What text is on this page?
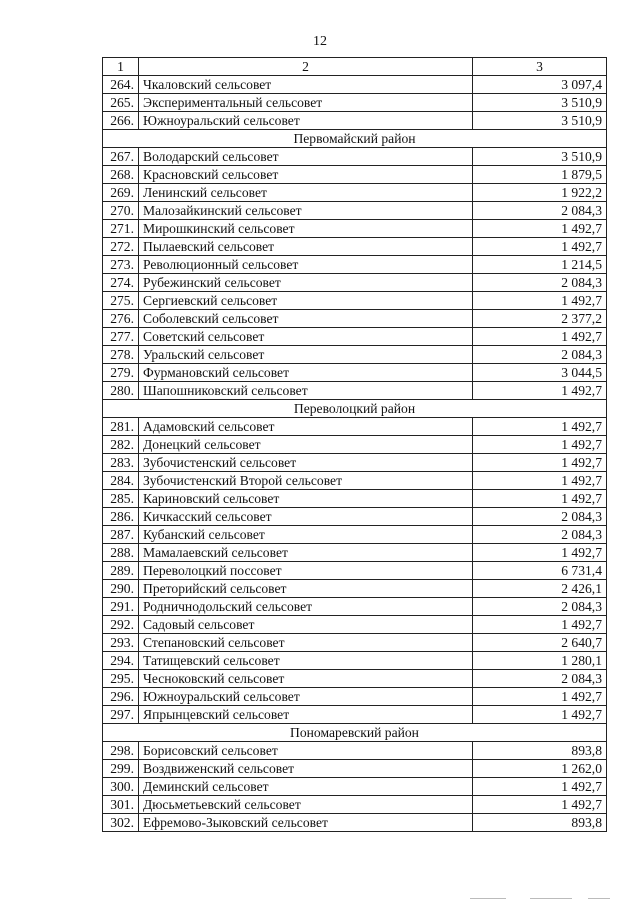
12
1	2	3
264.	Чкаловский сельсовет	3 097,4
265.	Экспериментальный сельсовет	3 510,9
266.	Южноуральский сельсовет	3 510,9
Первомайский район		
267.	Володарский сельсовет	3 510,9
268.	Красновский сельсовет	1 879,5
269.	Ленинский сельсовет	1 922,2
270.	Малозайкинский сельсовет	2 084,3
271.	Мирошкинский сельсовет	1 492,7
272.	Пылаевский сельсовет	1 492,7
273.	Революционный сельсовет	1 214,5
274.	Рубежинский сельсовет	2 084,3
275.	Сергиевский сельсовет	1 492,7
276.	Соболевский сельсовет	2 377,2
277.	Советский сельсовет	1 492,7
278.	Уральский сельсовет	2 084,3
279.	Фурмановский сельсовет	3 044,5
280.	Шапошниковский сельсовет	1 492,7
Переволоцкий район		
281.	Адамовский сельсовет	1 492,7
282.	Донецкий сельсовет	1 492,7
283.	Зубочистенский сельсовет	1 492,7
284.	Зубочистенский Второй сельсовет	1 492,7
285.	Кариновский сельсовет	1 492,7
286.	Кичкасский сельсовет	2 084,3
287.	Кубанский сельсовет	2 084,3
288.	Мамалаевский сельсовет	1 492,7
289.	Переволоцкий поссовет	6 731,4
290.	Преторийский сельсовет	2 426,1
291.	Родничнодольский сельсовет	2 084,3
292.	Садовый сельсовет	1 492,7
293.	Степановский сельсовет	2 640,7
294.	Татищевский сельсовет	1 280,1
295.	Чесноковский сельсовет	2 084,3
296.	Южноуральский сельсовет	1 492,7
297.	Япрынцевский сельсовет	1 492,7
Пономаревский район		
298.	Борисовский сельсовет	893,8
299.	Воздвиженский сельсовет	1 262,0
300.	Деминский сельсовет	1 492,7
301.	Дюсьметьевский сельсовет	1 492,7
302.	Ефремово-Зыковский сельсовет	893,8
